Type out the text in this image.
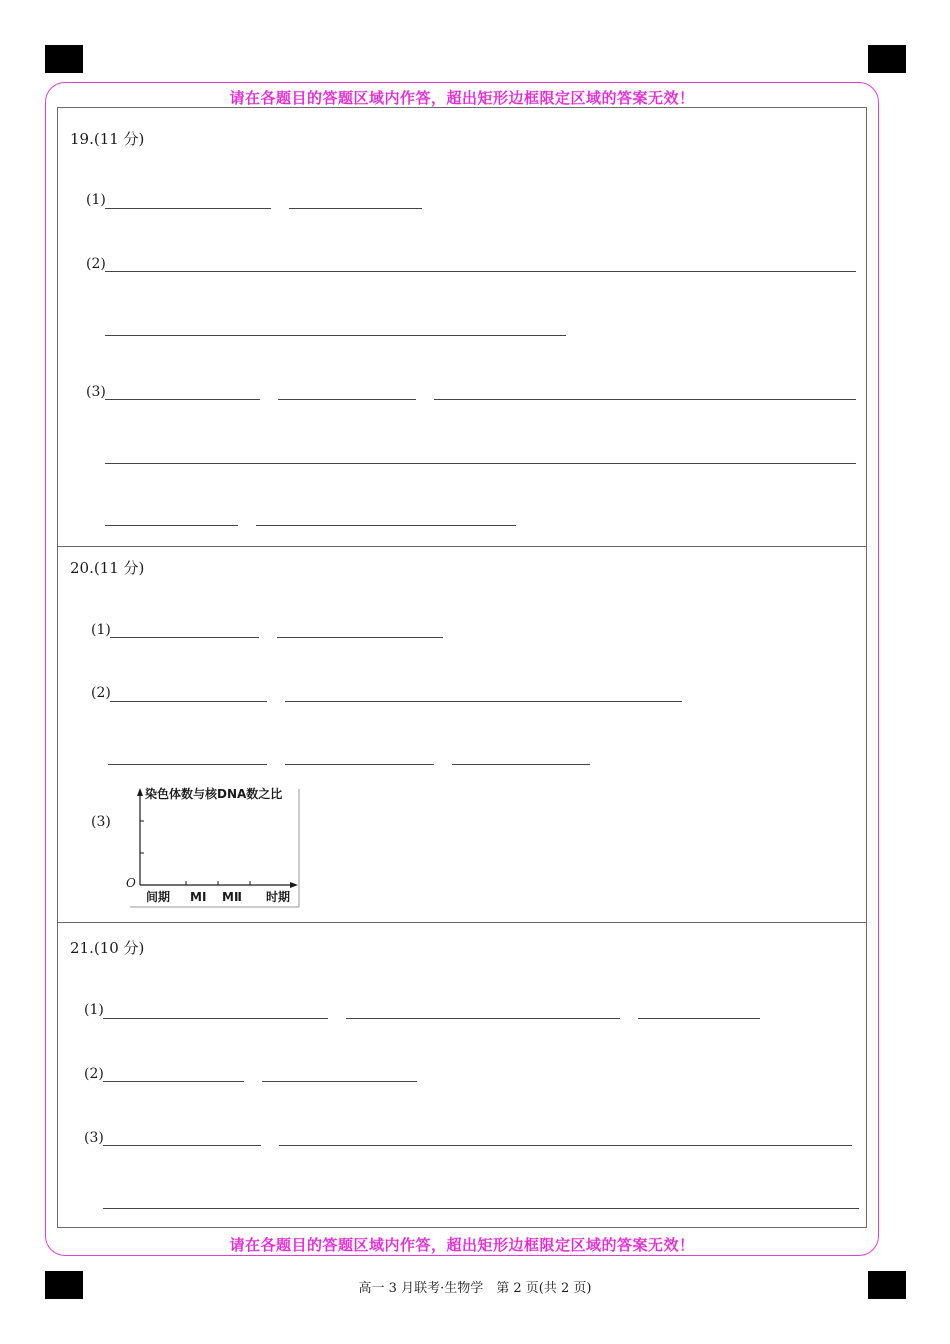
请在各题目的答题区域内作答，超出矩形边框限定区域的答案无效！
请在各题目的答题区域内作答，超出矩形边框限定区域的答案无效！
19.(11 分)
(1)
(2)
(3)
20.(11 分)
(1)
(2)
(3)
染色体数与核DNA数之比
O
间期 MⅠ MⅡ 时期
21.(10 分)
(1)
(2)
(3)
高一 3 月联考·生物学　第 2 页(共 2 页)
